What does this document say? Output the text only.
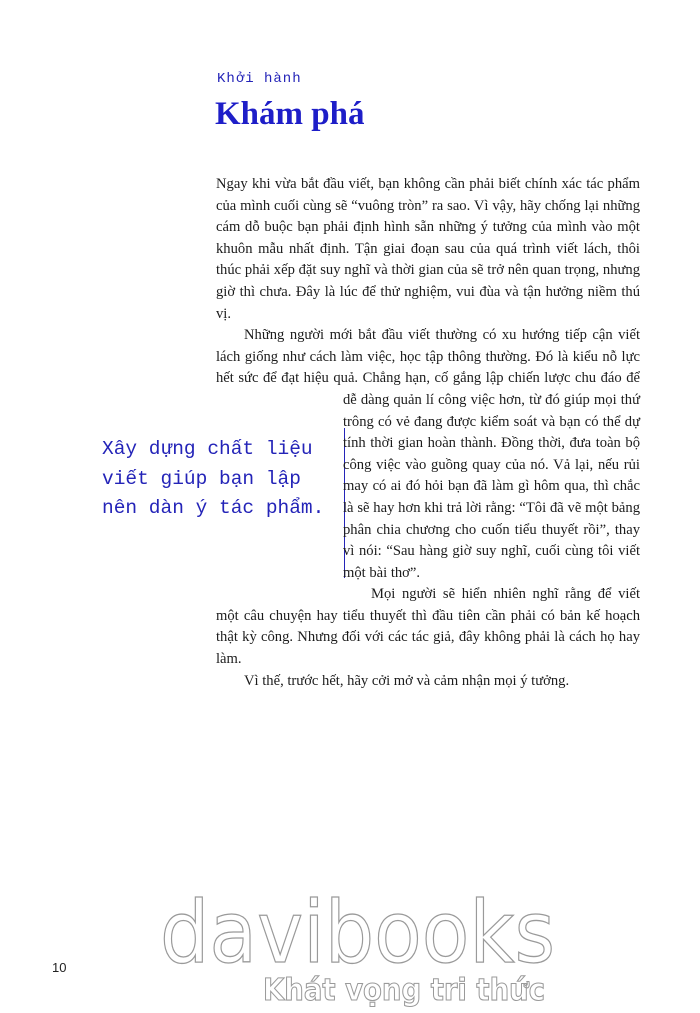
Khởi hành
Khám phá
Xây dựng chất liệu viết giúp bạn lập nên dàn ý tác phẩm.

Ngay khi vừa bắt đầu viết, bạn không cần phải biết chính xác tác phẩm của mình cuối cùng sẽ “vuông tròn” ra sao. Vì vậy, hãy chống lại những cám dỗ buộc bạn phải định hình sẵn những ý tưởng của mình vào một khuôn mẫu nhất định. Tận giai đoạn sau của quá trình viết lách, thôi thúc phải xếp đặt suy nghĩ và thời gian của sẽ trở nên quan trọng, nhưng giờ thì chưa. Đây là lúc để thử nghiệm, vui đùa và tận hưởng niềm thú vị.

Những người mới bắt đầu viết thường có xu hướng tiếp cận viết lách giống như cách làm việc, học tập thông thường. Đó là kiểu nỗ lực hết sức để đạt hiệu quả. Chẳng hạn, cố gắng lập chiến lược chu đáo để dễ dàng quản lí công việc hơn, từ
đó giúp mọi thứ trông có vẻ đang được kiểm soát và bạn có thể dự tính thời gian hoàn thành. Đồng thời, đưa toàn bộ công việc vào guồng quay của nó. Vả lại, nếu rủi may có ai đó hỏi bạn đã làm gì hôm qua, thì chắc là sẽ hay hơn khi trả lời rằng: “Tôi đã vẽ một bảng phân chia chương cho cuốn tiểu thuyết rồi”, thay vì nói: “Sau hàng giờ suy nghĩ, cuối cùng tôi viết một bài thơ”.

Mọi người sẽ hiển nhiên nghĩ rằng để viết một câu chuyện hay tiểu thuyết thì đầu tiên cần phải có bản kế hoạch thật kỳ công. Nhưng đối với các tác giả, đây không phải là cách họ hay làm.

Vì thế, trước hết, hãy cởi mở và cảm nhận mọi ý tưởng.

10 davibooks
Khát vọng tri thức
